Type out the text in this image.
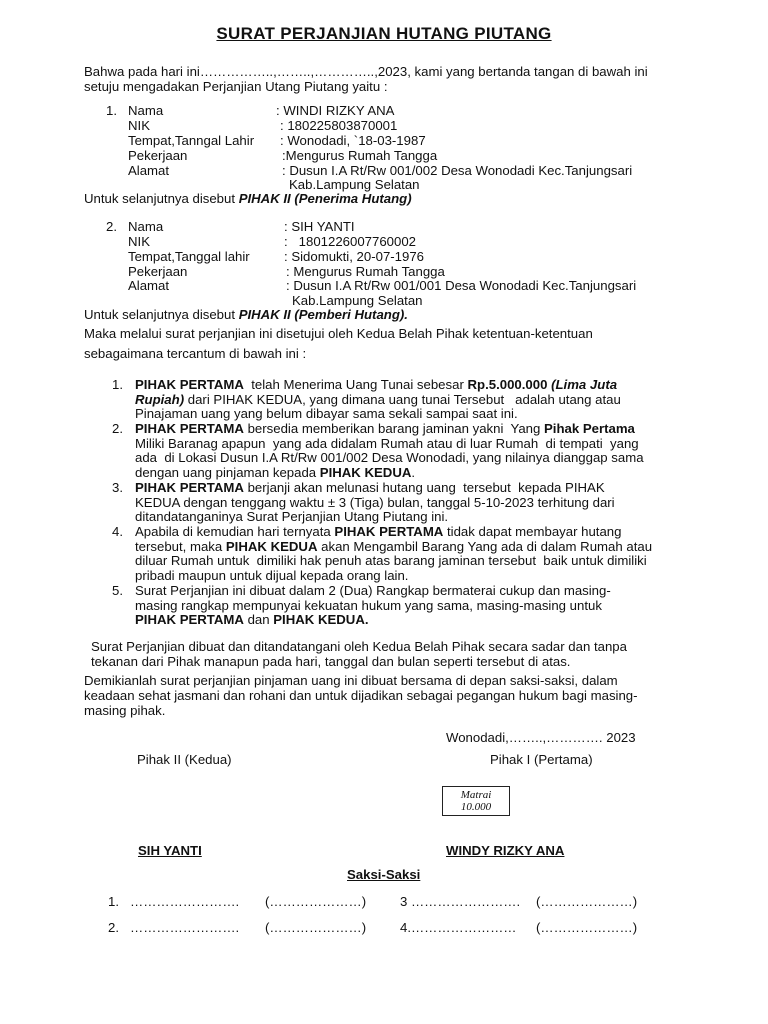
SURAT PERJANJIAN HUTANG PIUTANG
Bahwa pada hari ini……………..,……..,…………..,2023, kami yang bertanda tangan di bawah ini
setuju mengadakan Perjanjian Utang Piutang yaitu :
1. Nama	: WINDI RIZKY ANA
NIK	: 180225803870001
Tempat,Tanngal Lahir : Wonodadi, `18-03-1987
Pekerjaan	:Mengurus Rumah Tangga
Alamat	: Dusun I.A Rt/Rw 001/002 Desa Wonodadi Kec.Tanjungsari
Kab.Lampung Selatan
Untuk selanjutnya disebut PIHAK II (Penerima Hutang)
2. Nama	: SIH YANTI
NIK	:   1801226007760002
Tempat,Tanggal lahir	: Sidomukti, 20-07-1976
Pekerjaan	: Mengurus Rumah Tangga
Alamat	: Dusun I.A Rt/Rw 001/001 Desa Wonodadi Kec.Tanjungsari
Kab.Lampung Selatan
Untuk selanjutnya disebut PIHAK II (Pemberi Hutang).
Maka melalui surat perjanjian ini disetujui oleh Kedua Belah Pihak ketentuan-ketentuan
sebagaimana tercantum di bawah ini :
1. PIHAK PERTAMA  telah Menerima Uang Tunai sebesar Rp.5.000.000 (Lima Juta
Rupiah) dari PIHAK KEDUA, yang dimana uang tunai Tersebut   adalah utang atau
Pinajaman uang yang belum dibayar sama sekali sampai saat ini.
2. PIHAK PERTAMA bersedia memberikan barang jaminan yakni  Yang Pihak Pertama
Miliki Baranag apapun  yang ada didalam Rumah atau di luar Rumah  di tempati  yang
ada  di Lokasi Dusun I.A Rt/Rw 001/002 Desa Wonodadi, yang nilainya dianggap sama
dengan uang pinjaman kepada PIHAK KEDUA.
3. PIHAK PERTAMA berjanji akan melunasi hutang uang  tersebut  kepada PIHAK
KEDUA dengan tenggang waktu ± 3 (Tiga) bulan, tanggal 5-10-2023 terhitung dari
ditandatanganinya Surat Perjanjian Utang Piutang ini.
4. Apabila di kemudian hari ternyata PIHAK PERTAMA tidak dapat membayar hutang
tersebut, maka PIHAK KEDUA akan Mengambil Barang Yang ada di dalam Rumah atau
diluar Rumah untuk  dimiliki hak penuh atas barang jaminan tersebut  baik untuk dimiliki
pribadi maupun untuk dijual kepada orang lain.
5. Surat Perjanjian ini dibuat dalam 2 (Dua) Rangkap bermaterai cukup dan masing-
masing rangkap mempunyai kekuatan hukum yang sama, masing-masing untuk
PIHAK PERTAMA dan PIHAK KEDUA.
Surat Perjanjian dibuat dan ditandatangani oleh Kedua Belah Pihak secara sadar dan tanpa
tekanan dari Pihak manapun pada hari, tanggal dan bulan seperti tersebut di atas.
Demikianlah surat perjanjian pinjaman uang ini dibuat bersama di depan saksi-saksi, dalam
keadaan sehat jasmani dan rohani dan untuk dijadikan sebagai pegangan hukum bagi masing-
masing pihak.
Wonodadi,……..,…………. 2023
Pihak II (Kedua)	Pihak I (Pertama)
Matrai
10.000
SIH YANTI	WINDY RIZKY ANA
Saksi-Saksi
1. ……………………. (…………………)	3 ……………………. (…………………)
2. ……………………. (…………………)	4.…………………… (…………………)
